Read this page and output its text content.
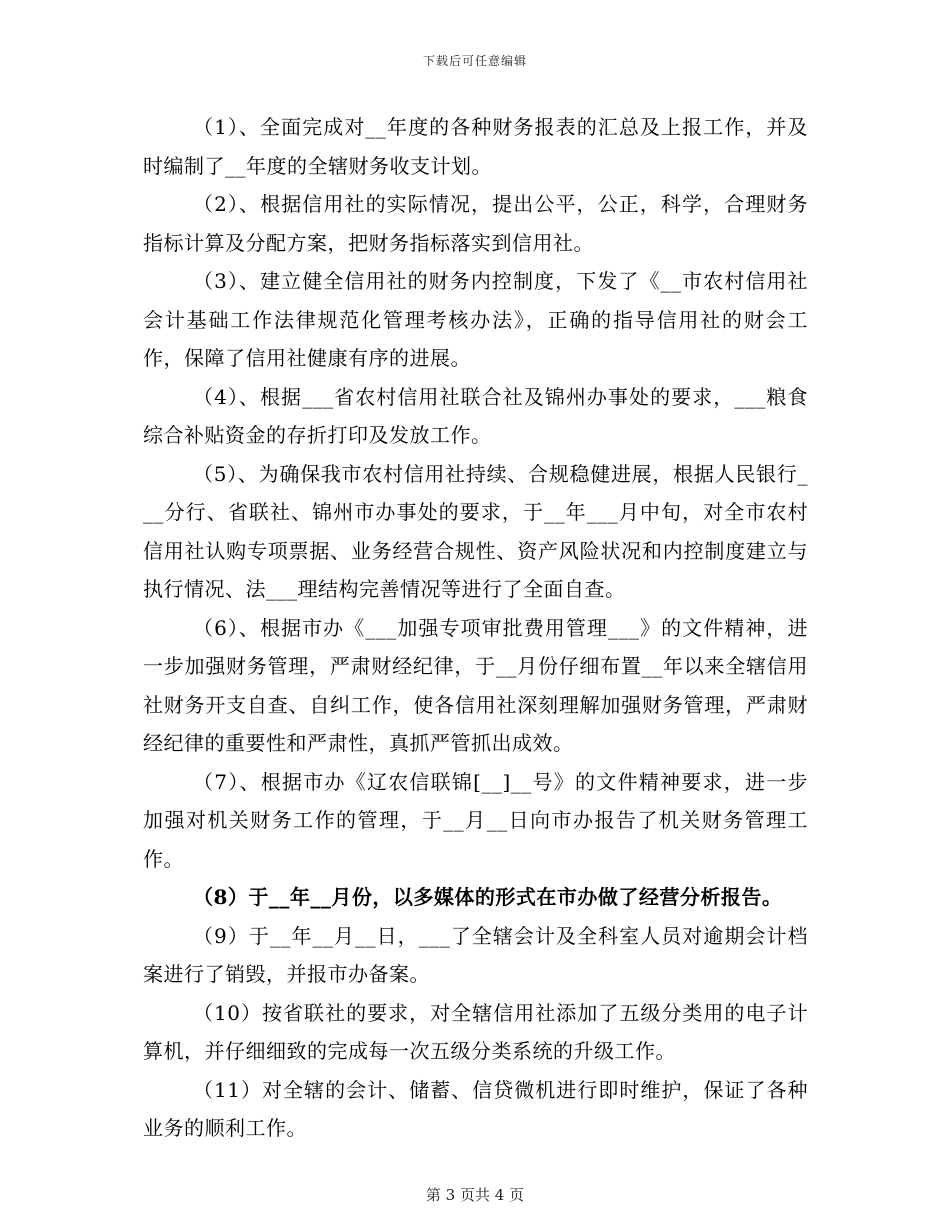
下载后可任意编辑

（1）、全面完成对__年度的各种财务报表的汇总及上报工作，并及时编制了__年度的全辖财务收支计划。

（2）、根据信用社的实际情况，提出公平，公正，科学，合理财务指标计算及分配方案，把财务指标落实到信用社。

（3）、建立健全信用社的财务内控制度，下发了《__市农村信用社会计基础工作法律规范化管理考核办法》，正确的指导信用社的财会工作，保障了信用社健康有序的进展。

（4）、根据___省农村信用社联合社及锦州办事处的要求，___粮食综合补贴资金的存折打印及发放工作。

（5）、为确保我市农村信用社持续、合规稳健进展，根据人民银行___分行、省联社、锦州市办事处的要求，于__年___月中旬，对全市农村信用社认购专项票据、业务经营合规性、资产风险状况和内控制度建立与执行情况、法___理结构完善情况等进行了全面自查。

（6）、根据市办《___加强专项审批费用管理___》的文件精神，进一步加强财务管理，严肃财经纪律，于__月份仔细布置__年以来全辖信用社财务开支自查、自纠工作，使各信用社深刻理解加强财务管理，严肃财经纪律的重要性和严肃性，真抓严管抓出成效。

（7）、根据市办《辽农信联锦[__]__号》的文件精神要求，进一步加强对机关财务工作的管理，于__月__日向市办报告了机关财务管理工作。

（8）于__年__月份，以多媒体的形式在市办做了经营分析报告。

（9）于__年__月__日，___了全辖会计及全科室人员对逾期会计档案进行了销毁，并报市办备案。

（10）按省联社的要求，对全辖信用社添加了五级分类用的电子计算机，并仔细细致的完成每一次五级分类系统的升级工作。

（11）对全辖的会计、储蓄、信贷微机进行即时维护，保证了各种业务的顺利工作。

第 3 页共 4 页
